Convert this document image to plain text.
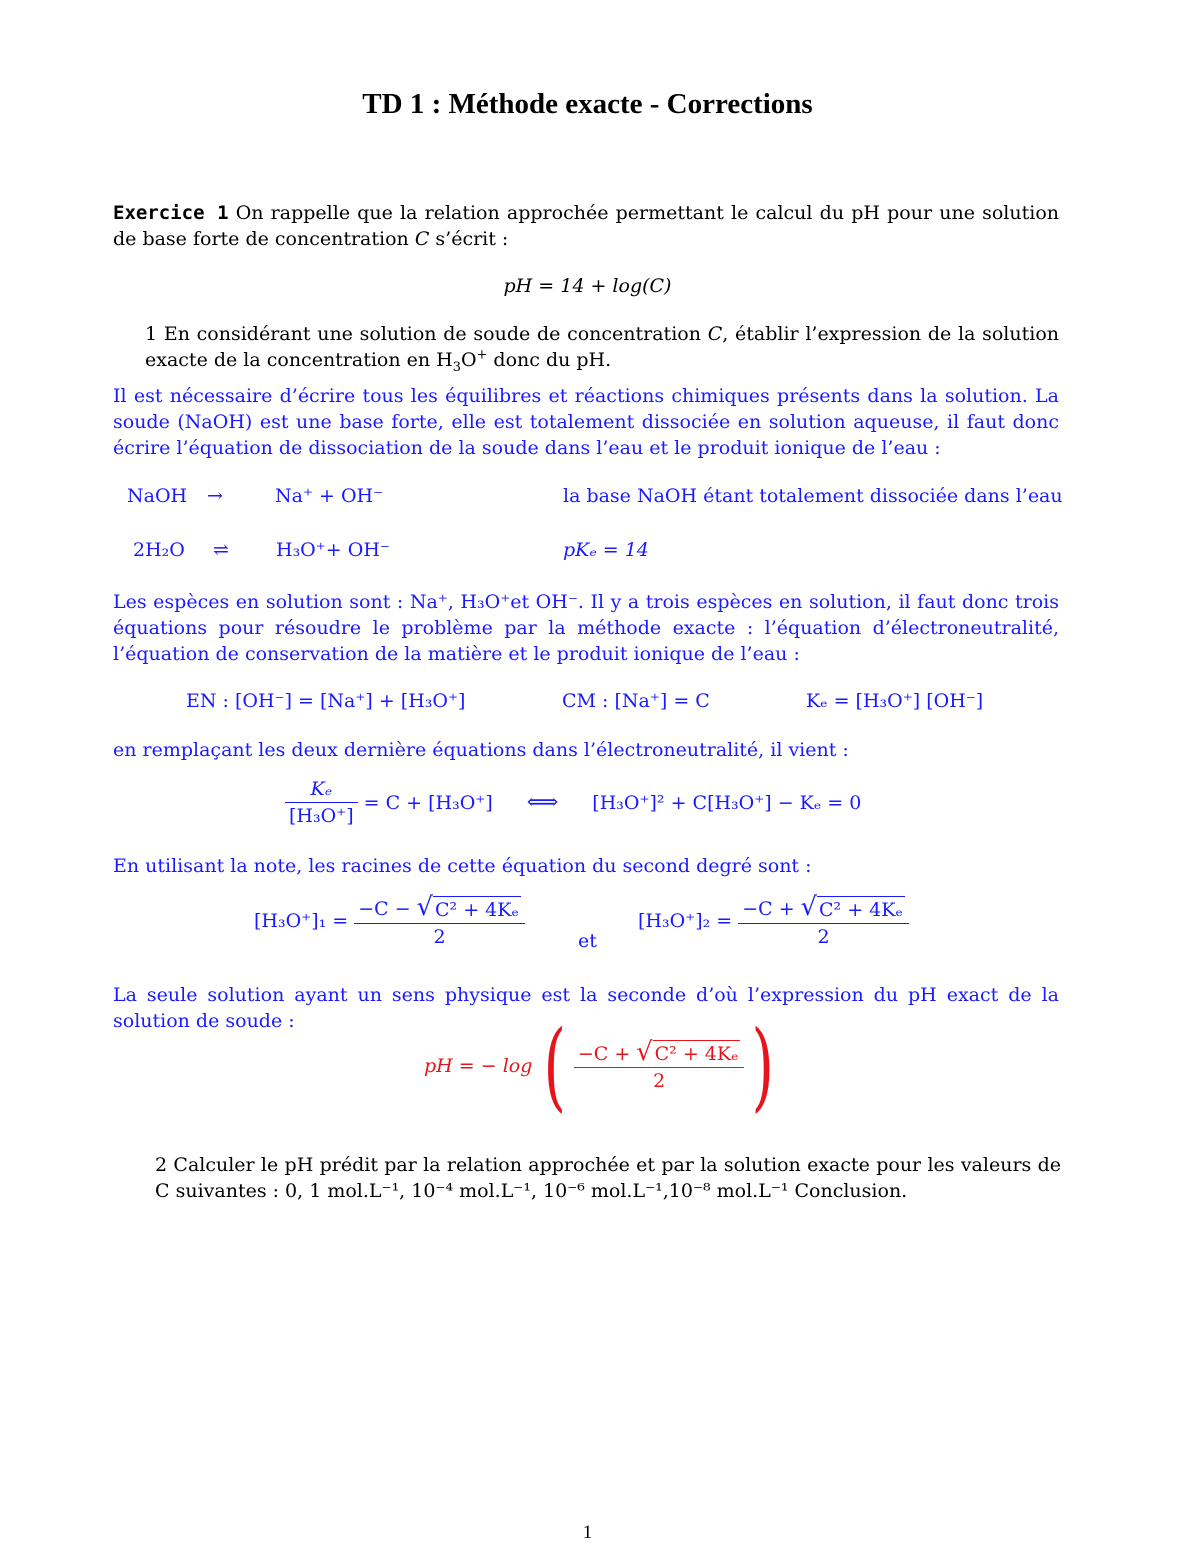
TD 1 : Méthode exacte - Corrections
Exercice 1 On rappelle que la relation approchée permettant le calcul du pH pour une solution de base forte de concentration C s’écrit :
pH = 14 + log(C)
1 En considérant une solution de soude de concentration C, établir l’expression de la solution exacte de la concentration en $H_3O^+$ donc du pH.
Il est nécessaire d’écrire tous les équilibres et réactions chimiques présents dans la solution. La soude (NaOH) est une base forte, elle est totalement dissociée en solution aqueuse, il faut donc écrire l’équation de dissociation de la soude dans l’eau et le produit ionique de l’eau :
NaOH →	Na⁺ + OH⁻	la base NaOH étant totalement dissociée dans l’eau
2H₂O ⇌ H₃O⁺+ OH⁻	pKₑ = 14
Les espèces en solution sont : Na⁺, H₃O⁺et OH⁻. Il y a trois espèces en solution, il faut donc trois équations pour résoudre le problème par la méthode exacte : l’équation d’électroneutralité, l’équation de conservation de la matière et le produit ionique de l’eau :
EN : [OH⁻] = [Na⁺] + [H₃O⁺]	CM : [Na⁺] = C	Kₑ = [H₃O⁺] [OH⁻]
en remplaçant les deux dernière équations dans l’électroneutralité, il vient :
$\frac{\text{Kₑ}}{\text{[H₃O⁺]}} = C + [H_3O^+]$ ⟺ [H₃O⁺]² + C[H₃O⁺] − Kₑ = 0
En utilisant la note, les racines de cette équation du second degré sont :
$[H_3O^+]_1 = \frac{\text{−C − √ C² + 4Kₑ}}{2}$	et
$[H_3O^+]_2 = \frac{\text{−C + √ C² + 4Kₑ}}{2}$
La seule solution ayant un sens physique est la seconde d’où l’expression du pH exact de la solution de soude :
pH = − log ( $\frac{\text{−C + √ C² + 4Kₑ}}{2}$ )
2 Calculer le pH prédit par la relation approchée et par la solution exacte pour les valeurs de C suivantes : 0, 1 mol.L⁻¹, 10⁻⁴ mol.L⁻¹, 10⁻⁶ mol.L⁻¹,10⁻⁸ mol.L⁻¹ Conclusion.
1
